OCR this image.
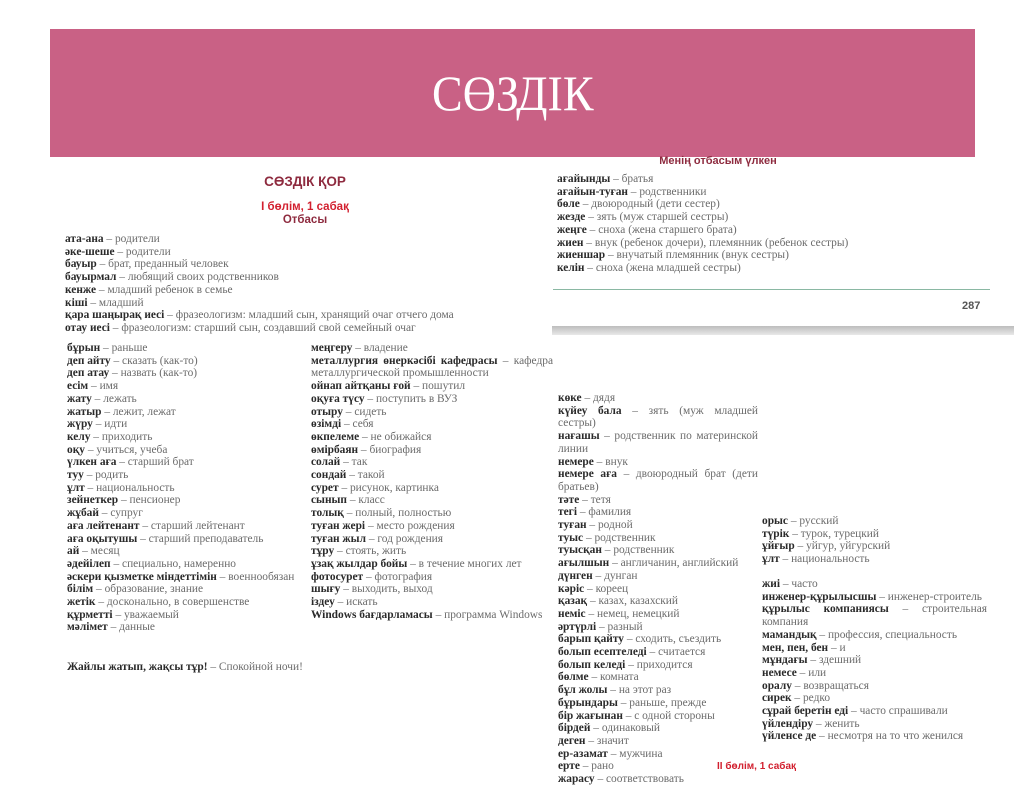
СӨЗДІК
СӨЗДІК ҚОР
І бөлім, 1 сабақ
Отбасы
ата-ана – родители
әке-шеше – родители
бауыр – брат, преданный человек
бауырмал – любящий своих родственников
кенже – младший ребенок в семье
кіші – младший
қара шаңырақ иесі – фразеологизм: младший сын, хранящий очаг отчего дома
отау иесі – фразеологизм: старший сын, создавший свой семейный очаг
бұрын – раньше
деп айту – сказать (как-то)
деп атау – назвать (как-то)
есім – имя
жату – лежать
жатыр – лежит, лежат
жүру – идти
келу – приходить
оқу – учиться, учеба
үлкен аға – старший брат
туу – родить
ұлт – национальность
зейнеткер – пенсионер
жұбай – супруг
аға лейтенант – старший лейтенант
аға оқытушы – старший преподаватель
ай – месяц
әдейілеп – специально, намеренно
әскери қызметке міндеттімін – военнообязан
білім – образование, знание
жетік – досконально, в совершенстве
құрметті – уважаемый
мәлімет – данные
меңгеру – владение
металлургия өнеркәсібі кафедрасы – кафедра металлургической промышленности
ойнап айтқаны ғой – пошутил
оқуға түсу – поступить в ВУЗ
отыру – сидеть
өзімді – себя
өкпелеме – не обижайся
өмірбаян – биография
солай – так
сондай – такой
сурет – рисунок, картинка
сынып – класс
толық – полный, полностью
туған жері – место рождения
туған жыл – год рождения
тұру – стоять, жить
ұзақ жылдар бойы – в течение многих лет
фотосурет – фотография
шығу – выходить, выход
іздеу – искать
Windows бағдарламасы – программа Windows
Жайлы жатып, жақсы тұр! – Спокойной ночи!
Менің отбасым үлкен
ағайынды – братья
ағайын-туған – родственники
бөле – двоюродный (дети сестер)
жезде – зять (муж старшей сестры)
жеңге – сноха (жена старшего брата)
жиен – внук (ребенок дочери), племянник (ребенок сестры)
жиеншар – внучатый племянник (внук сестры)
келін – сноха (жена младшей сестры)
287
көке – дядя
күйеу бала – зять (муж младшей сестры)
нағашы – родственник по материнской линии
немере – внук
немере аға – двоюродный брат (дети братьев)
тәте – тетя
тегі – фамилия
туған – родной
туыс – родственник
туысқан – родственник
ағылшын – англичанин, английский
дүнген – дунган
кәріс – кореец
қазақ – казах, казахский
неміс – немец, немецкий
әртүрлі – разный
барып қайту – сходить, съездить
болып есептеледі – считается
болып келеді – приходится
бөлме – комната
бұл жолы – на этот раз
бұрындары – раньше, прежде
бір жағынан – с одной стороны
бірдей – одинаковый
деген – значит
ер-азамат – мужчина
ерте – рано
жарасу – соответствовать
орыс – русский
түрік – турок, турецкий
ұйғыр – уйгур, уйгурский
ұлт – национальность
жиі – часто
инженер-құрылысшы – инженер-строитель
құрылыс компаниясы – строительная компания
мамандық – профессия, специальность
мен, пен, бен – и
мұндағы – здешний
немесе – или
оралу – возвращаться
сирек – редко
сұрай беретін еді – часто спрашивали
үйлендіру – женить
үйленсе де – несмотря на то что женился
ІІ бөлім, 1 сабақ
